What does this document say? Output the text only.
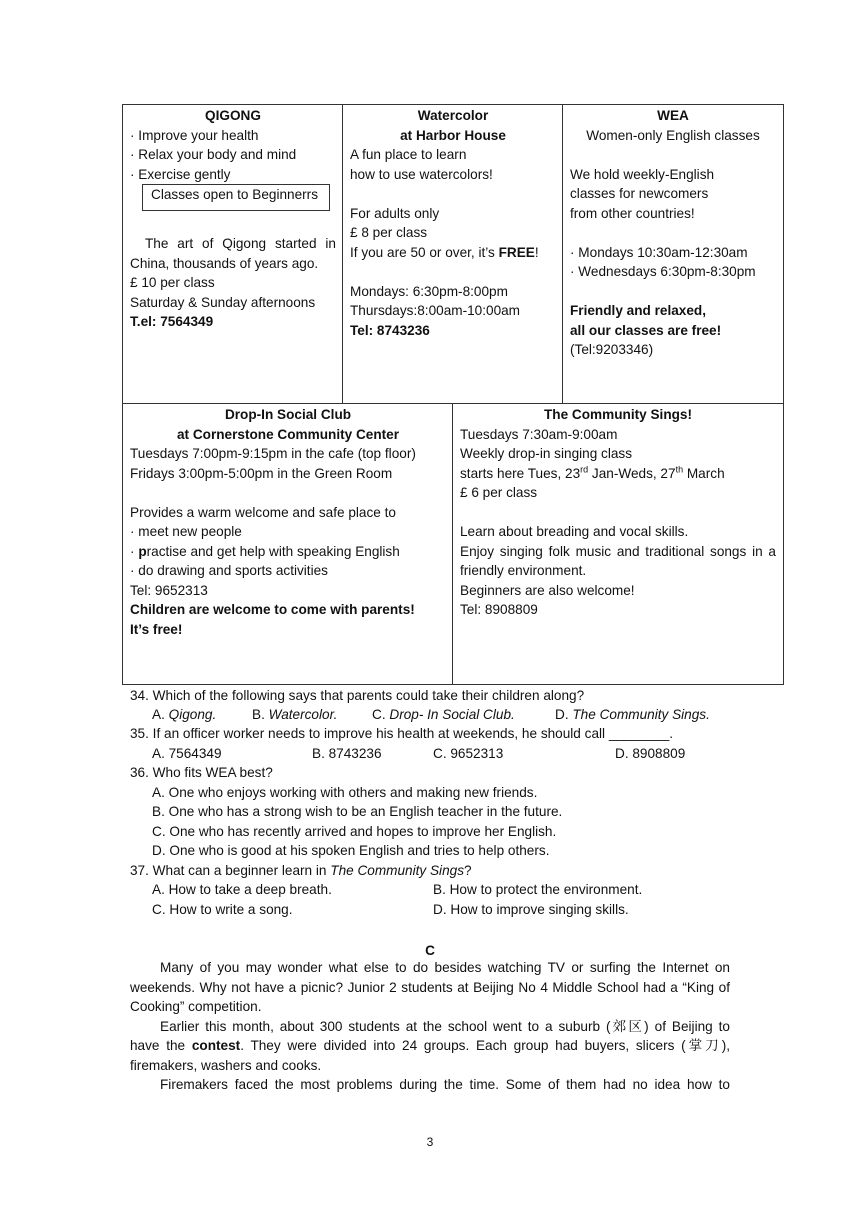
QIGONG
· Improve your health
· Relax your body and mind
· Exercise gently
Classes open to Beginnerrs
The art of Qigong started in
China, thousands of years ago.
£ 10 per class
Saturday & Sunday afternoons
T.el: 7564349
Watercolor
at Harbor House
A fun place to learn
how to use watercolors!
For adults only
£ 8 per class
If you are 50 or over, it’s FREE!
Mondays: 6:30pm-8:00pm
Thursdays:8:00am-10:00am
Tel: 8743236
WEA
Women-only English classes
We hold weekly-English
classes for newcomers
from other countries!
· Mondays 10:30am-12:30am
· Wednesdays 6:30pm-8:30pm
Friendly and relaxed,
all our classes are free!
(Tel:9203346)
Drop-In Social Club
at Cornerstone Community Center
Tuesdays 7:00pm-9:15pm in the cafe (top floor)
Fridays 3:00pm-5:00pm in the Green Room
Provides a warm welcome and safe place to
· meet new people
· practise and get help with speaking English
· do drawing and sports activities
Tel: 9652313
Children are welcome to come with parents!
It’s free!
The Community Sings!
Tuesdays 7:30am-9:00am
Weekly drop-in singing class
starts here Tues, 23rd Jan-Weds, 27th March
£ 6 per class
Learn about breading and vocal skills.
Enjoy singing folk music and traditional songs in a
friendly environment.
Beginners are also welcome!
Tel: 8908809
34. Which of the following says that parents could take their children along?
A. Qigong.	B. Watercolor.	C. Drop- In Social Club.	D. The Community Sings.
35. If an officer worker needs to improve his health at weekends, he should call ________.
A. 7564349	B. 8743236	C. 9652313	D. 8908809
36. Who fits WEA best?
A. One who enjoys working with others and making new friends.
B. One who has a strong wish to be an English teacher in the future.
C. One who has recently arrived and hopes to improve her English.
D. One who is good at his spoken English and tries to help others.
37. What can a beginner learn in The Community Sings?
A. How to take a deep breath.	B. How to protect the environment.
C. How to write a song.	D. How to improve singing skills.
C
Many of you may wonder what else to do besides watching TV or surfing the Internet on
weekends. Why not have a picnic? Junior 2 students at Beijing No 4 Middle School had a “King of
Cooking” competition.
Earlier this month, about 300 students at the school went to a suburb (郊区) of Beijing to
have the contest. They were divided into 24 groups. Each group had buyers, slicers (掌刀),
firemakers, washers and cooks.
Firemakers faced the most problems during the time. Some of them had no idea how to
3
